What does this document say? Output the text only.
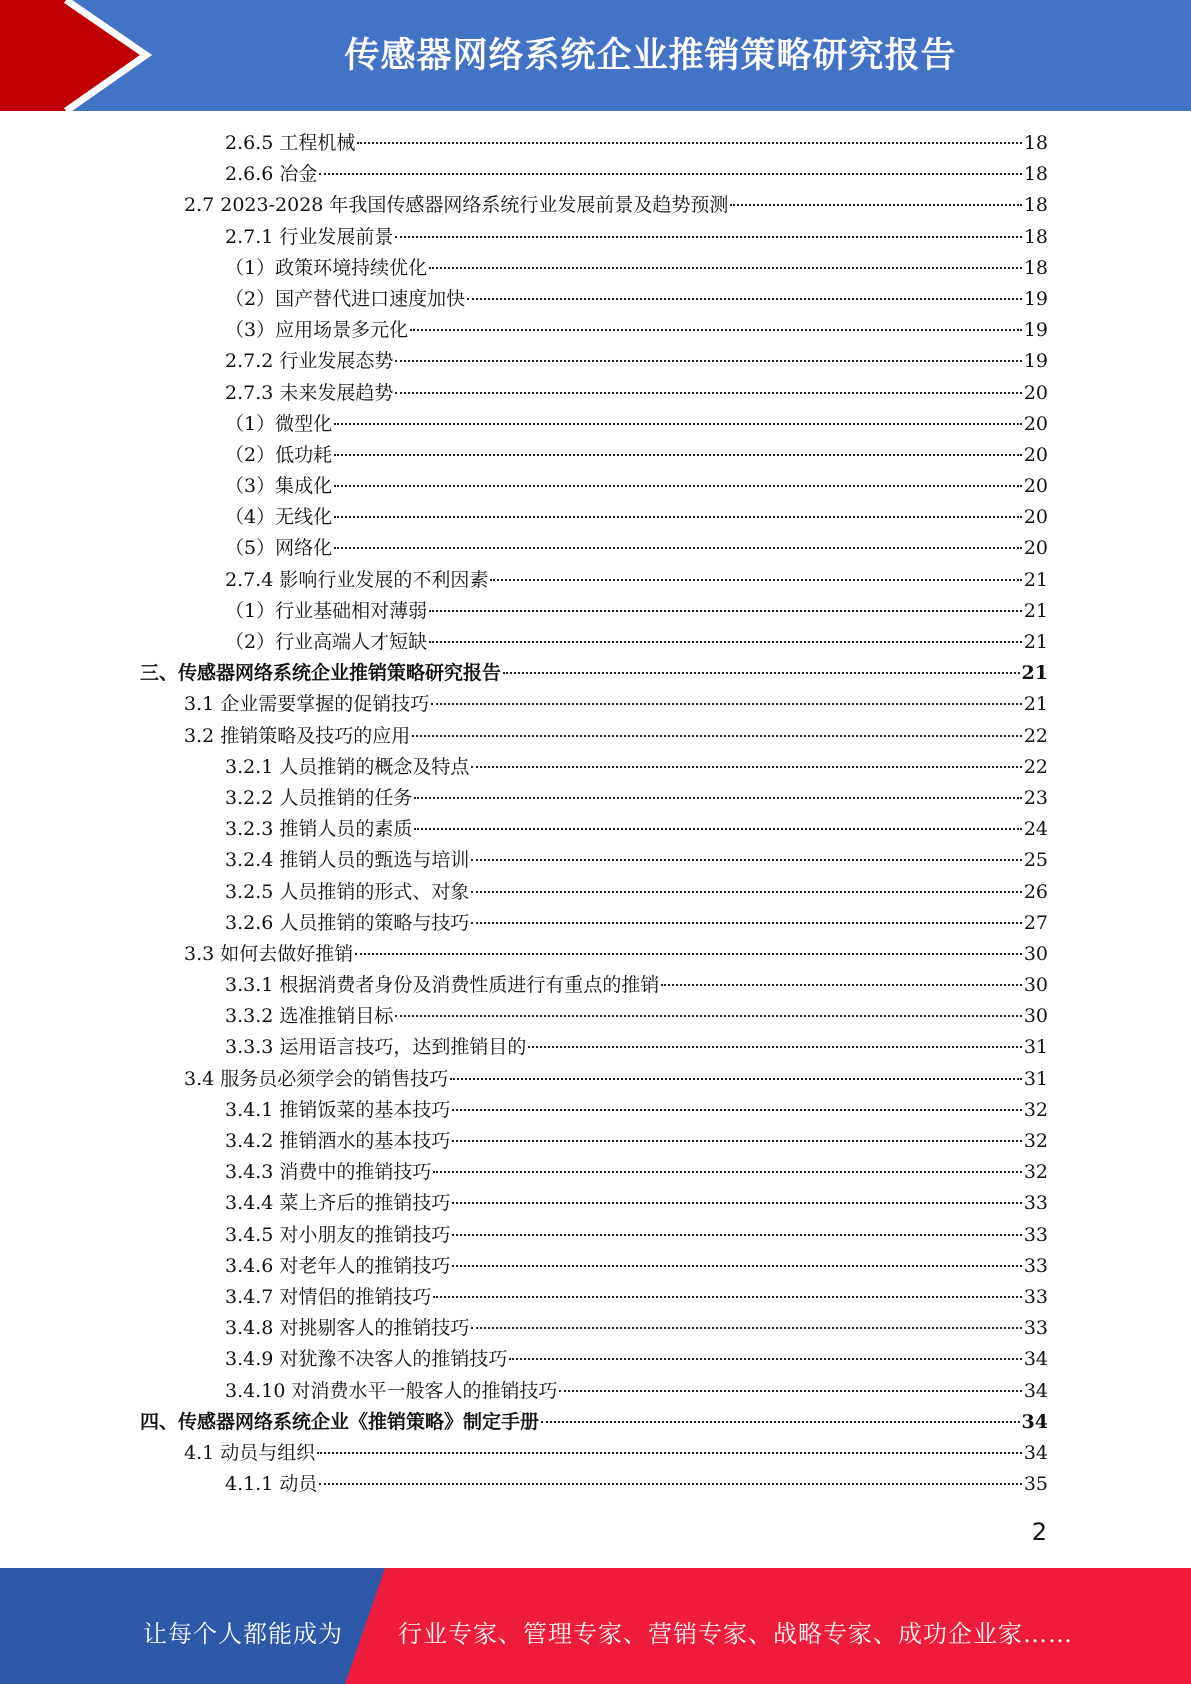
传感器网络系统企业推销策略研究报告
2.6.5 工程机械	18
2.6.6 冶金	18
2.7 2023-2028 年我国传感器网络系统行业发展前景及趋势预测	18
2.7.1 行业发展前景	18
（1）政策环境持续优化	18
（2）国产替代进口速度加快	19
（3）应用场景多元化	19
2.7.2 行业发展态势	19
2.7.3 未来发展趋势	20
（1）微型化	20
（2）低功耗	20
（3）集成化	20
（4）无线化	20
（5）网络化	20
2.7.4 影响行业发展的不利因素	21
（1）行业基础相对薄弱	21
（2）行业高端人才短缺	21
三、传感器网络系统企业推销策略研究报告	21
3.1 企业需要掌握的促销技巧	21
3.2 推销策略及技巧的应用	22
3.2.1 人员推销的概念及特点	22
3.2.2 人员推销的任务	23
3.2.3 推销人员的素质	24
3.2.4 推销人员的甄选与培训	25
3.2.5 人员推销的形式、对象	26
3.2.6 人员推销的策略与技巧	27
3.3 如何去做好推销	30
3.3.1 根据消费者身份及消费性质进行有重点的推销	30
3.3.2 选准推销目标	30
3.3.3 运用语言技巧，达到推销目的	31
3.4 服务员必须学会的销售技巧	31
3.4.1 推销饭菜的基本技巧	32
3.4.2 推销酒水的基本技巧	32
3.4.3 消费中的推销技巧	32
3.4.4 菜上齐后的推销技巧	33
3.4.5 对小朋友的推销技巧	33
3.4.6 对老年人的推销技巧	33
3.4.7 对情侣的推销技巧	33
3.4.8 对挑剔客人的推销技巧	33
3.4.9 对犹豫不决客人的推销技巧	34
3.4.10 对消费水平一般客人的推销技巧	34
四、传感器网络系统企业《推销策略》制定手册	34
4.1 动员与组织	34
4.1.1 动员	35
2
让每个人都能成为 行业专家、管理专家、营销专家、战略专家、成功企业家……
